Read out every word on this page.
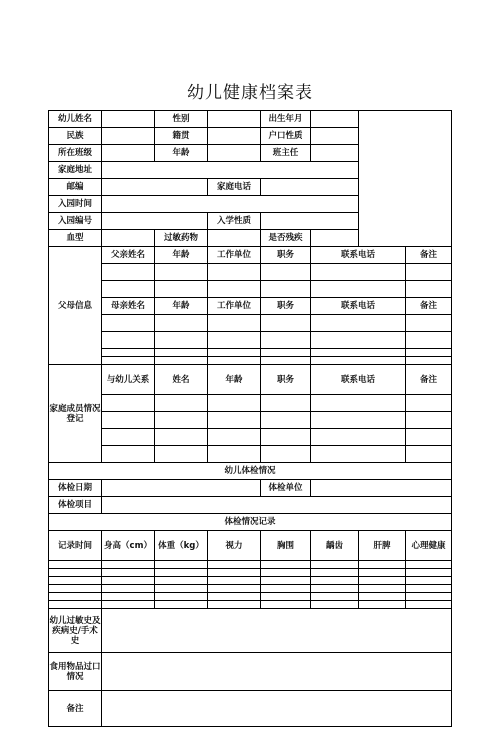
幼儿健康档案表
幼儿姓名		性别		出生年月			
民族		籍贯		户口性质			
所在班级		年龄		班主任			
家庭地址							
邮编			家庭电话				
入园时间							
入园编号			入学性质				
血型		过敏药物		是否残疾			
父母信息	父亲姓名	年龄	工作单位	职务	联系电话		备注

	母亲姓名	年龄	工作单位	职务	联系电话		备注

家庭成员情况登记	与幼儿关系	姓名	年龄	职务	联系电话		备注

幼儿体检情况							
体检日期				体检单位			
体检项目							
体检情况记录							
记录时间	身高（cm）	体重（kg）	视力	胸围	龋齿	肝脾	心理健康

幼儿过敏史及疾病史/手术史							
食用物品过口情况							
备注							
